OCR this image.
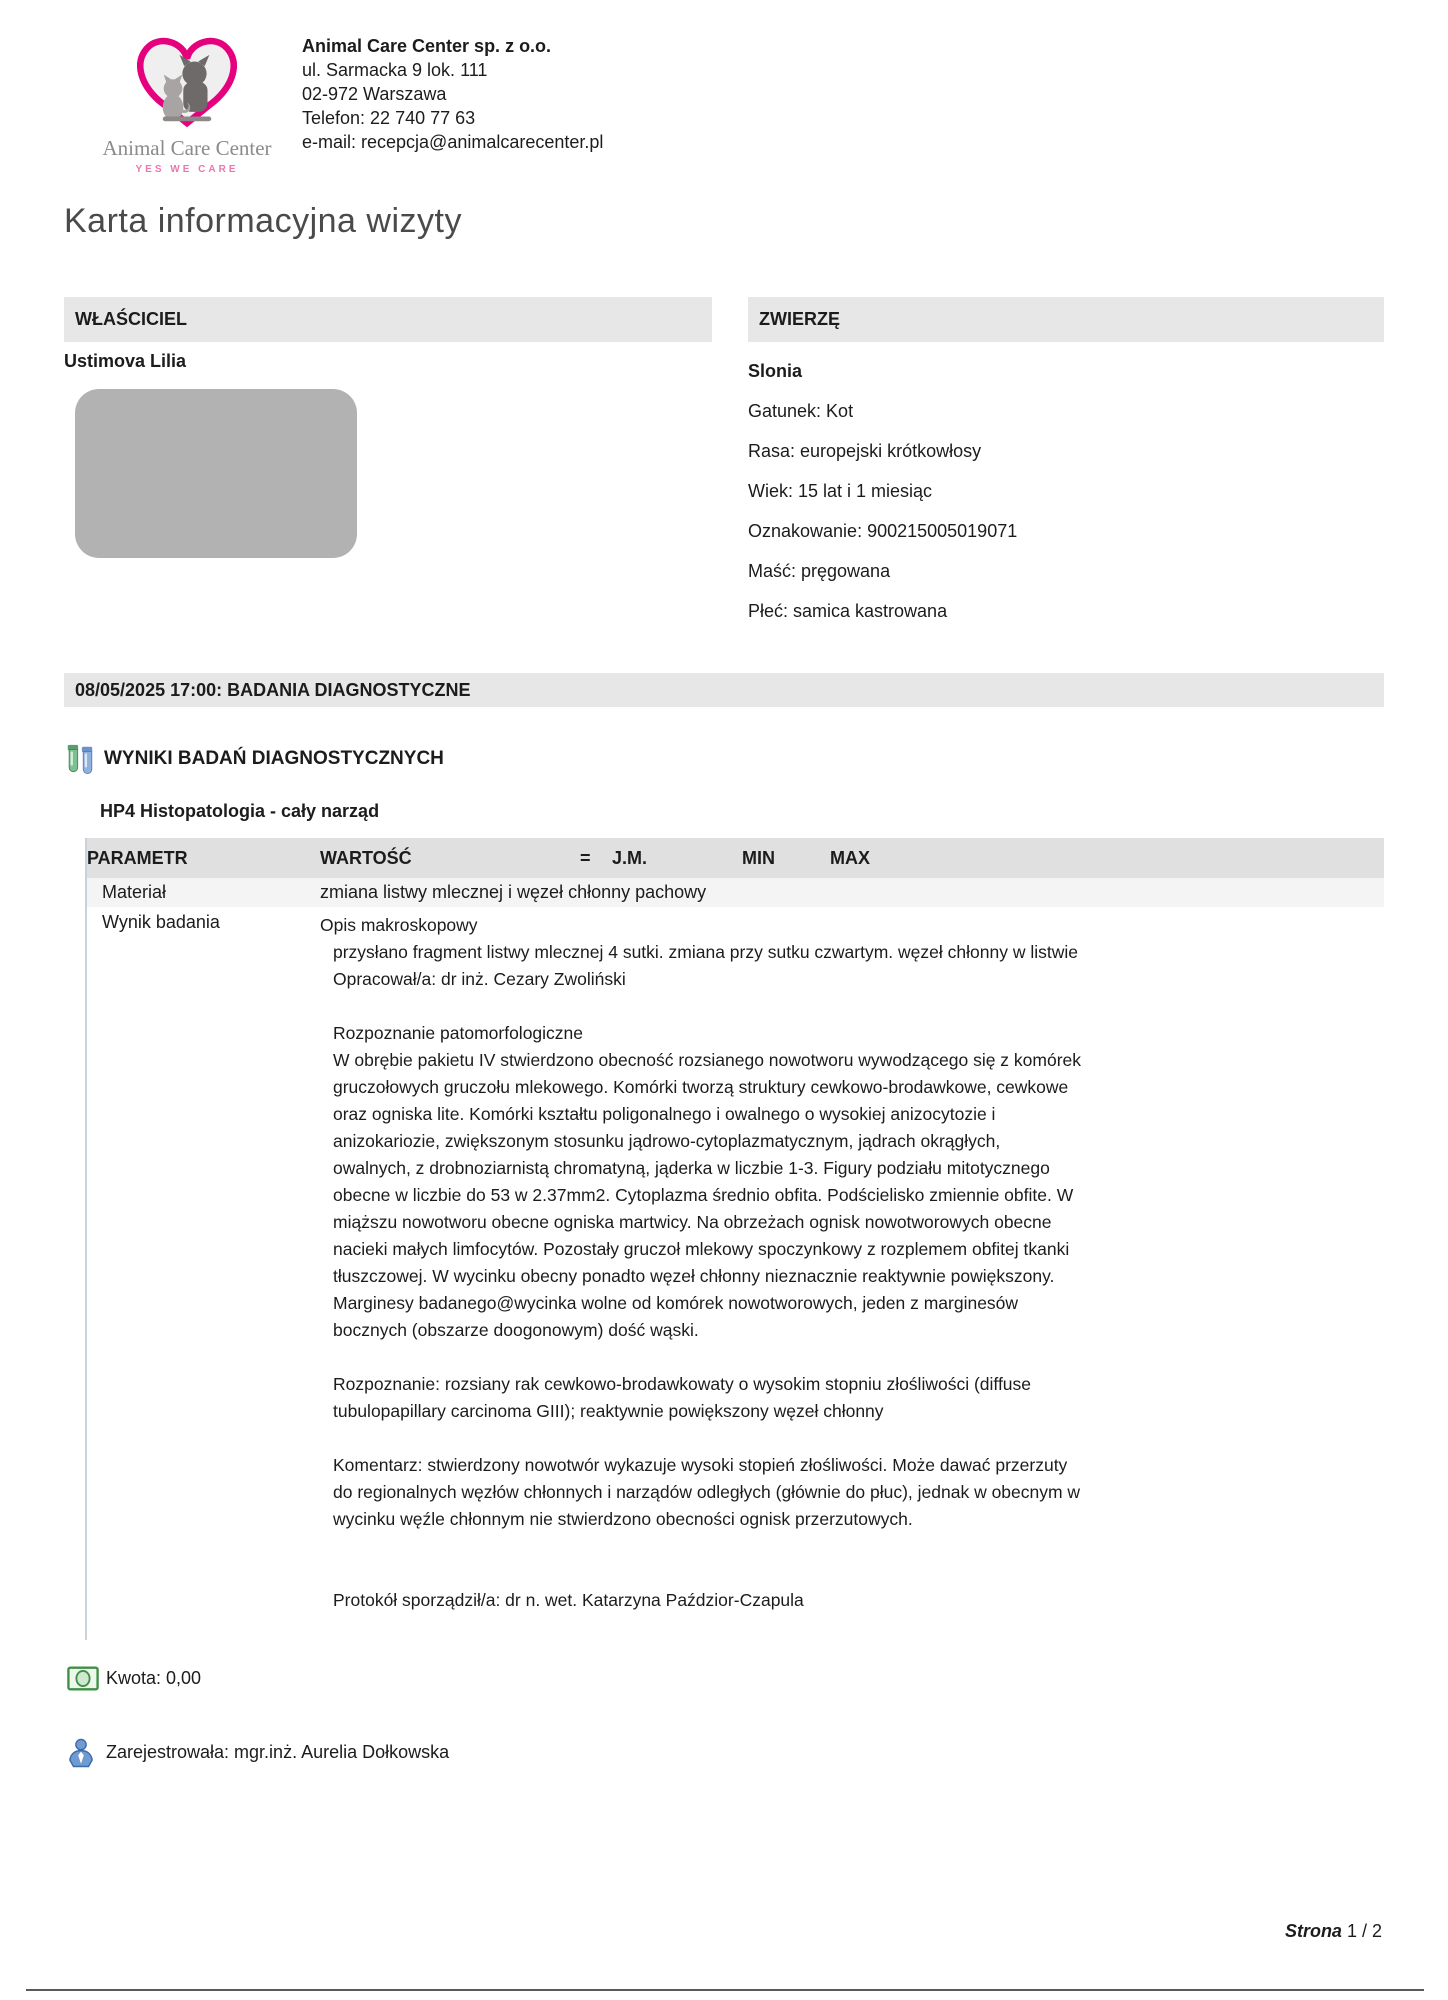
Animal Care Center
YES WE CARE
Animal Care Center sp. z o.o.
ul. Sarmacka 9 lok. 111
02-972 Warszawa
Telefon: 22 740 77 63
e-mail: recepcja@animalcarecenter.pl
Karta informacyjna wizyty
WŁAŚCICIEL
Ustimova Lilia
ZWIERZĘ
Slonia
Gatunek: Kot
Rasa: europejski krótkowłosy
Wiek: 15 lat i 1 miesiąc
Oznakowanie: 900215005019071
Maść: pręgowana
Płeć: samica kastrowana
08/05/2025 17:00: BADANIA DIAGNOSTYCZNE
WYNIKI BADAŃ DIAGNOSTYCZNYCH
HP4 Histopatologia - cały narząd
PARAMETR	WARTOŚĆ	=	J.M.	MIN	MAX	
Materiał	zmiana listwy mlecznej i węzeł chłonny pachowy					
Wynik badania	Opis makroskopowy
przysłano fragment listwy mlecznej 4 sutki. zmiana przy sutku czwartym. węzeł chłonny w listwie
Opracował/a: dr inż. Cezary Zwoliński
Rozpoznanie patomorfologiczne
W obrębie pakietu IV stwierdzono obecność rozsianego nowotworu wywodzącego się z komórek gruczołowych gruczołu mlekowego. Komórki tworzą struktury cewkowo-brodawkowe, cewkowe oraz ogniska lite. Komórki kształtu poligonalnego i owalnego o wysokiej anizocytozie i anizokariozie, zwiększonym stosunku jądrowo-cytoplazmatycznym, jądrach okrągłych, owalnych, z drobnoziarnistą chromatyną, jąderka w liczbie 1-3. Figury podziału mitotycznego obecne w liczbie do 53 w 2.37mm2. Cytoplazma średnio obfita. Podścielisko zmiennie obfite. W miąższu nowotworu obecne ogniska martwicy. Na obrzeżach ognisk nowotworowych obecne nacieki małych limfocytów. Pozostały gruczoł mlekowy spoczynkowy z rozplemem obfitej tkanki tłuszczowej. W wycinku obecny ponadto węzeł chłonny nieznacznie reaktywnie powiększony. Marginesy badanego@wycinka wolne od komórek nowotworowych, jeden z marginesów bocznych (obszarze doogonowym) dość wąski.
Rozpoznanie: rozsiany rak cewkowo-brodawkowaty o wysokim stopniu złośliwości (diffuse tubulopapillary carcinoma GIII); reaktywnie powiększony węzeł chłonny
Komentarz: stwierdzony nowotwór wykazuje wysoki stopień złośliwości. Może dawać przerzuty do regionalnych węzłów chłonnych i narządów odległych (głównie do płuc), jednak w obecnym w wycinku węźle chłonnym nie stwierdzono obecności ognisk przerzutowych.
Protokół sporządził/a: dr n. wet. Katarzyna Paździor-Czapula
Kwota: 0,00
Zarejestrowała: mgr.inż. Aurelia Dołkowska
Strona 1 / 2
